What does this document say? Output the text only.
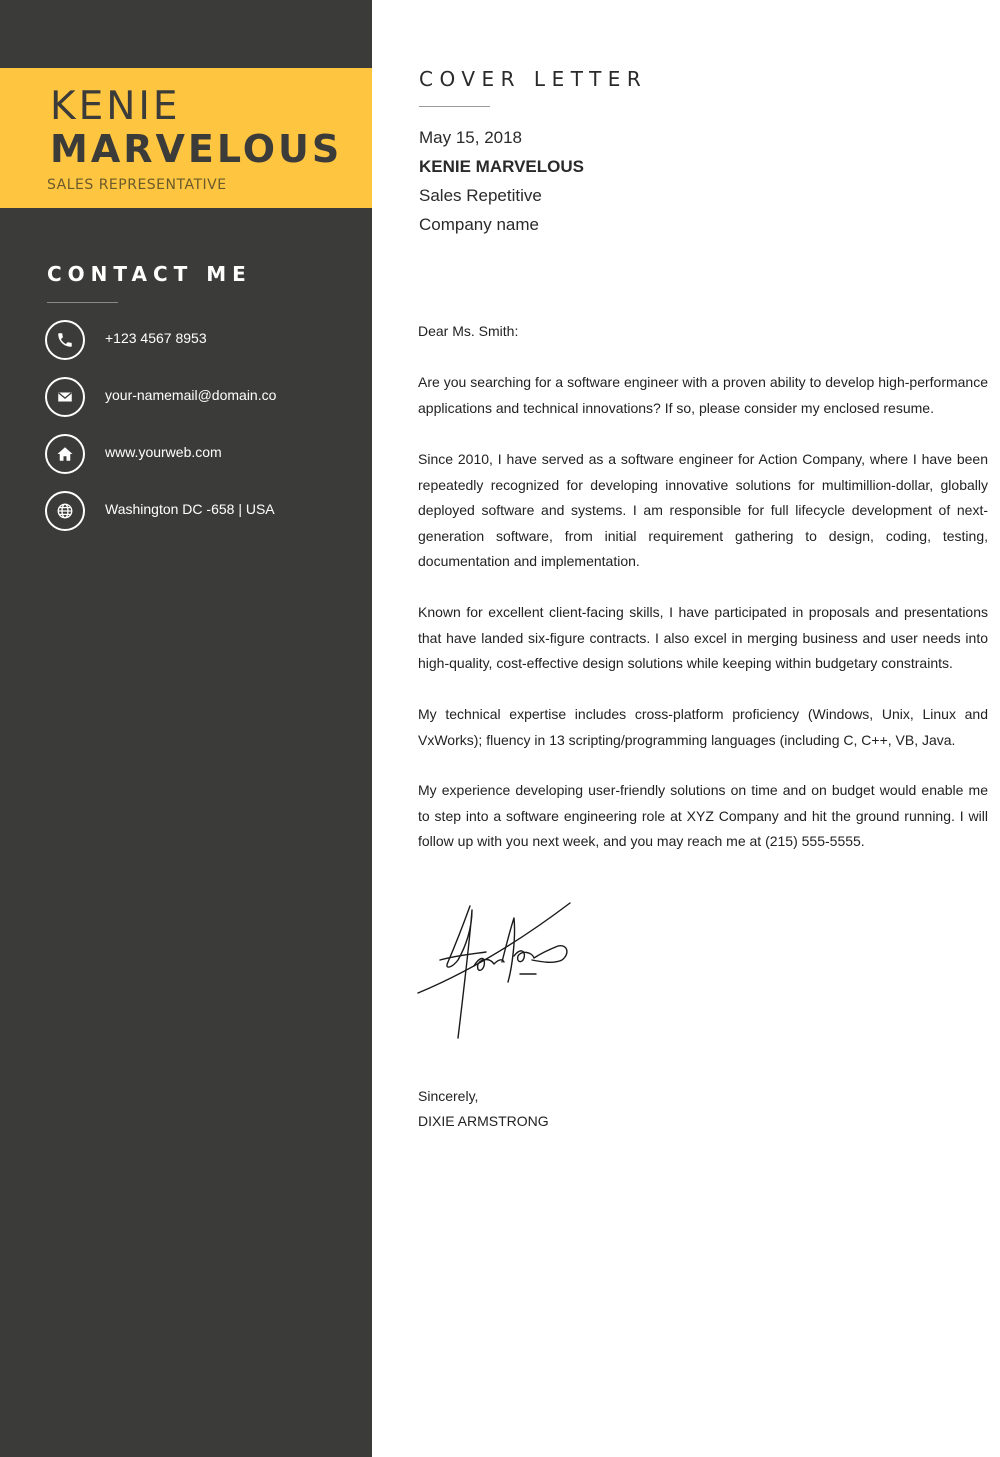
KENIE
MARVELOUS
SALES REPRESENTATIVE
CONTACT ME
+123 4567 8953
your-namemail@domain.co
www.yourweb.com
Washington DC -658 | USA
COVER LETTER
May 15, 2018
KENIE MARVELOUS
Sales Repetitive
Company name
Dear Ms. Smith:

Are you searching for a software engineer with a proven ability to develop high-performance applications and technical innovations? If so, please consider my enclosed resume.

Since 2010, I have served as a software engineer for Action Company, where I have been repeatedly recognized for developing innovative solutions for multimillion-dollar, globally deployed software and systems. I am responsible for full lifecycle development of next-generation software, from initial requirement gathering to design, coding, testing, documentation and implementation.

Known for excellent client-facing skills, I have participated in proposals and presentations that have landed six-figure contracts. I also excel in merging business and user needs into high-quality, cost-effective design solutions while keeping within budgetary constraints.

My technical expertise includes cross-platform proficiency (Windows, Unix, Linux and VxWorks); fluency in 13 scripting/programming languages (including C, C++, VB, Java.

My experience developing user-friendly solutions on time and on budget would enable me to step into a software engineering role at XYZ Company and hit the ground running. I will follow up with you next week, and you may reach me at (215) 555-5555.

Sincerely,
DIXIE ARMSTRONG
